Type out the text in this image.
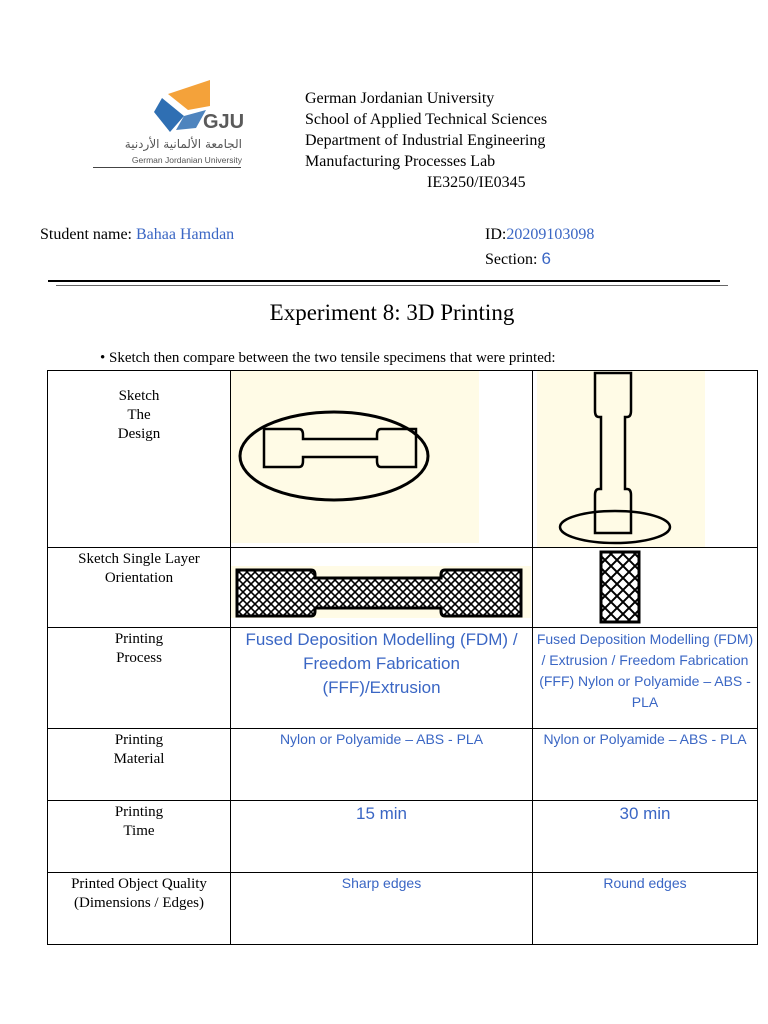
GJU
الجامعة الألمانية الأردنية
German Jordanian University
German Jordanian University
School of Applied Technical Sciences
Department of Industrial Engineering
Manufacturing Processes Lab
IE3250/IE0345
Student name: Bahaa Hamdan	ID:20209103098
Section: 6
Experiment 8: 3D Printing
• Sketch then compare between the two tensile specimens that were printed:
Sketch
The
Design

Sketch Single Layer
Orientation

Printing
Process	Fused Deposition Modelling (FDM) / Freedom Fabrication (FFF)/Extrusion	Fused Deposition Modelling (FDM) / Extrusion / Freedom Fabrication (FFF) Nylon or Polyamide – ABS - PLA

Printing
Material	Nylon or Polyamide – ABS - PLA	Nylon or Polyamide – ABS - PLA

Printing
Time	15 min	30 min

Printed Object Quality
(Dimensions / Edges)	Sharp edges	Round edges
